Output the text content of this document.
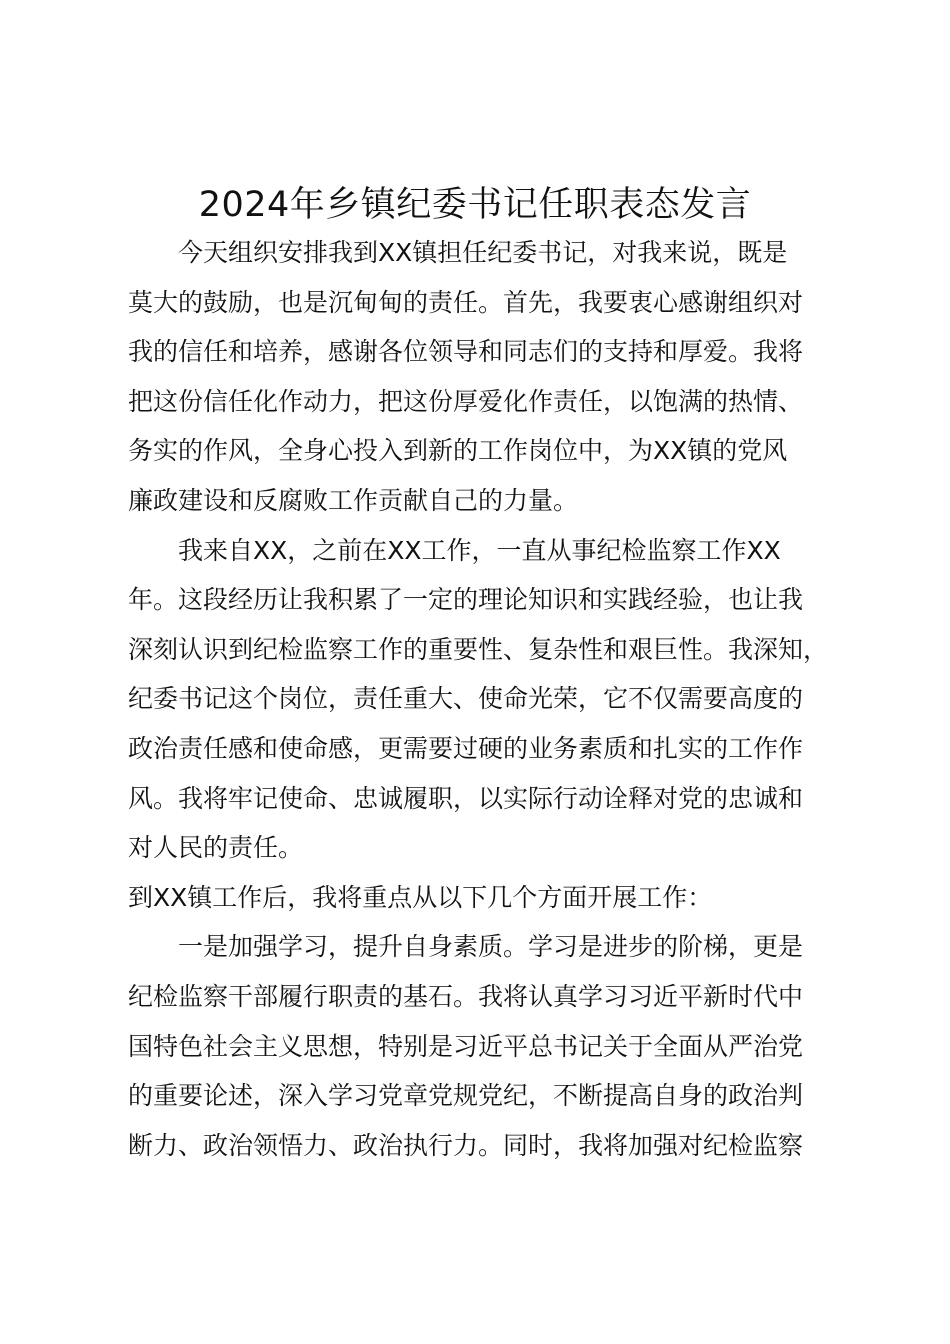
2024年乡镇纪委书记任职表态发言
今天组织安排我到XX镇担任纪委书记，对我来说，既是
莫大的鼓励，也是沉甸甸的责任。首先，我要衷心感谢组织对
我的信任和培养，感谢各位领导和同志们的支持和厚爱。我将
把这份信任化作动力，把这份厚爱化作责任，以饱满的热情、
务实的作风，全身心投入到新的工作岗位中，为XX镇的党风
廉政建设和反腐败工作贡献自己的力量。
我来自XX，之前在XX工作，一直从事纪检监察工作XX
年。这段经历让我积累了一定的理论知识和实践经验，也让我
深刻认识到纪检监察工作的重要性、复杂性和艰巨性。我深知，
纪委书记这个岗位，责任重大、使命光荣，它不仅需要高度的
政治责任感和使命感，更需要过硬的业务素质和扎实的工作作
风。我将牢记使命、忠诚履职，以实际行动诠释对党的忠诚和
对人民的责任。
到XX镇工作后，我将重点从以下几个方面开展工作：
一是加强学习，提升自身素质。学习是进步的阶梯，更是
纪检监察干部履行职责的基石。我将认真学习习近平新时代中
国特色社会主义思想，特别是习近平总书记关于全面从严治党
的重要论述，深入学习党章党规党纪，不断提高自身的政治判
断力、政治领悟力、政治执行力。同时，我将加强对纪检监察
